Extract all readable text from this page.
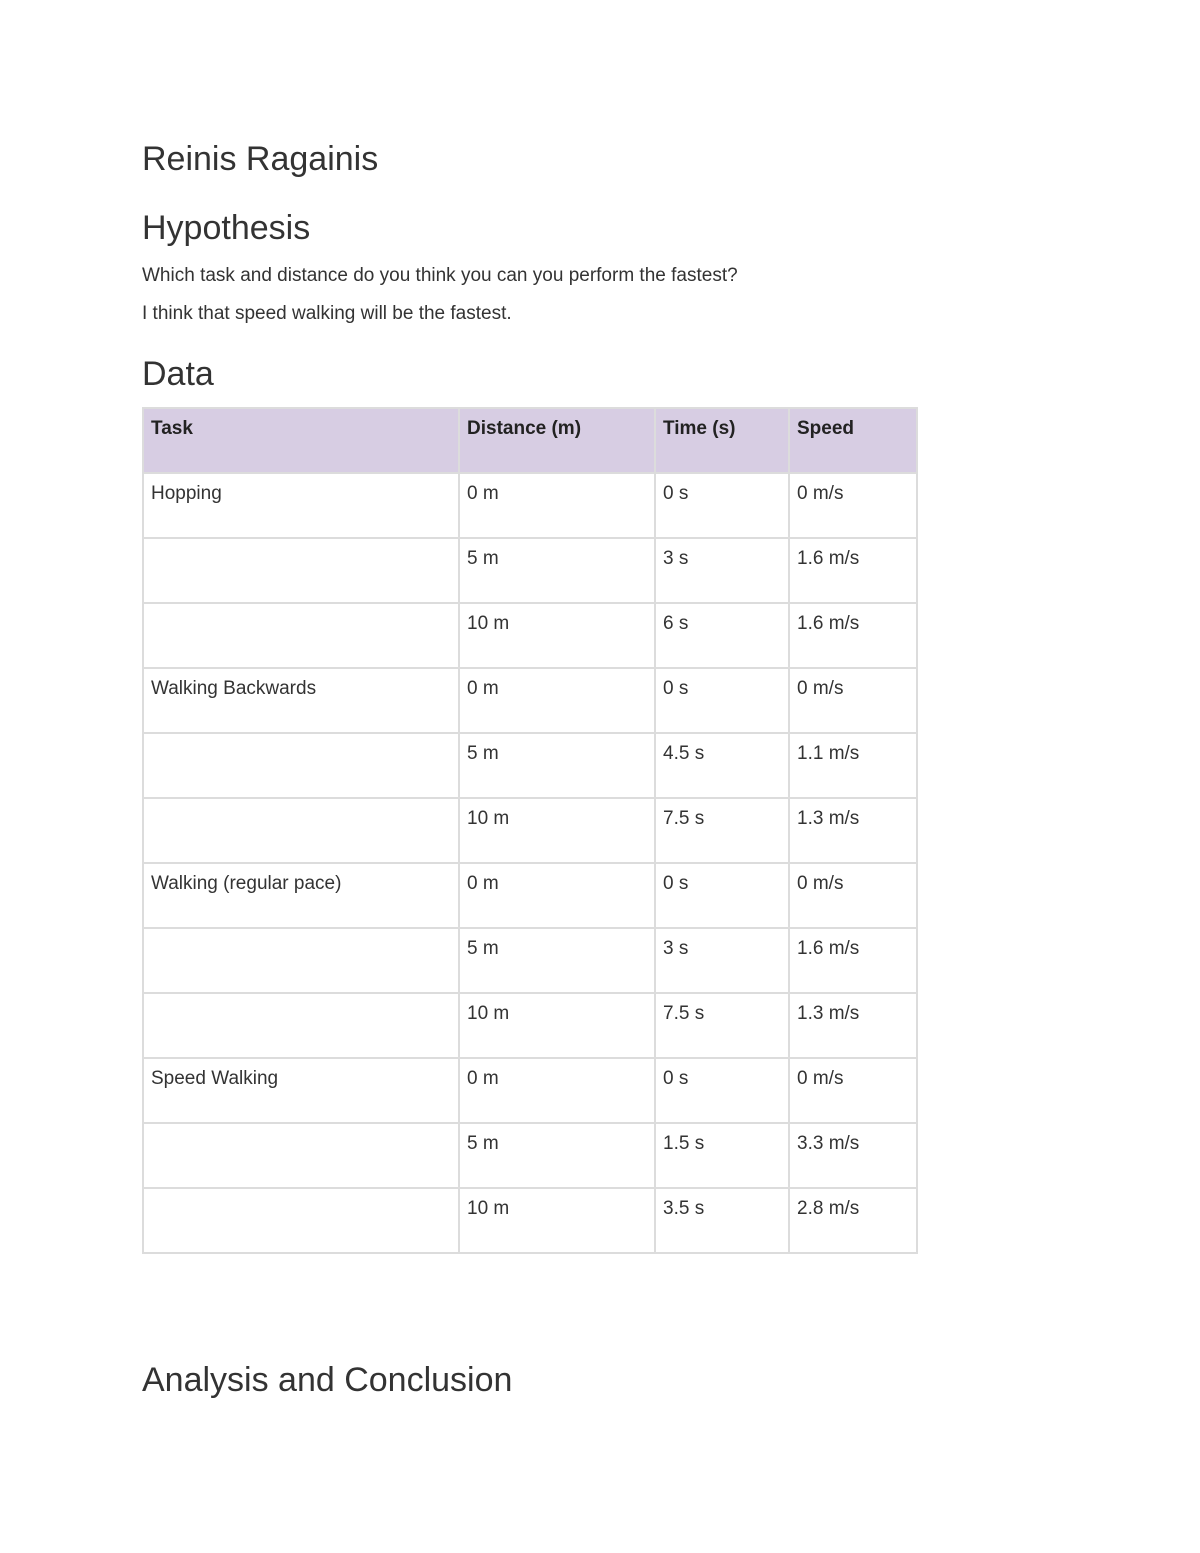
Reinis Ragainis
Hypothesis

Which task and distance do you think you can you perform the fastest?

I think that speed walking will be the fastest.

Data
Task	Distance (m)	Time (s)	Speed
Hopping	0 m	0 s	0 m/s
	5 m	3 s	1.6 m/s
	10 m	6 s	1.6 m/s
Walking Backwards	0 m	0 s	0 m/s
	5 m	4.5 s	1.1 m/s
	10 m	7.5 s	1.3 m/s
Walking (regular pace)	0 m	0 s	0 m/s
	5 m	3 s	1.6 m/s
	10 m	7.5 s	1.3 m/s
Speed Walking	0 m	0 s	0 m/s
	5 m	1.5 s	3.3 m/s
	10 m	3.5 s	2.8 m/s
Analysis and Conclusion
